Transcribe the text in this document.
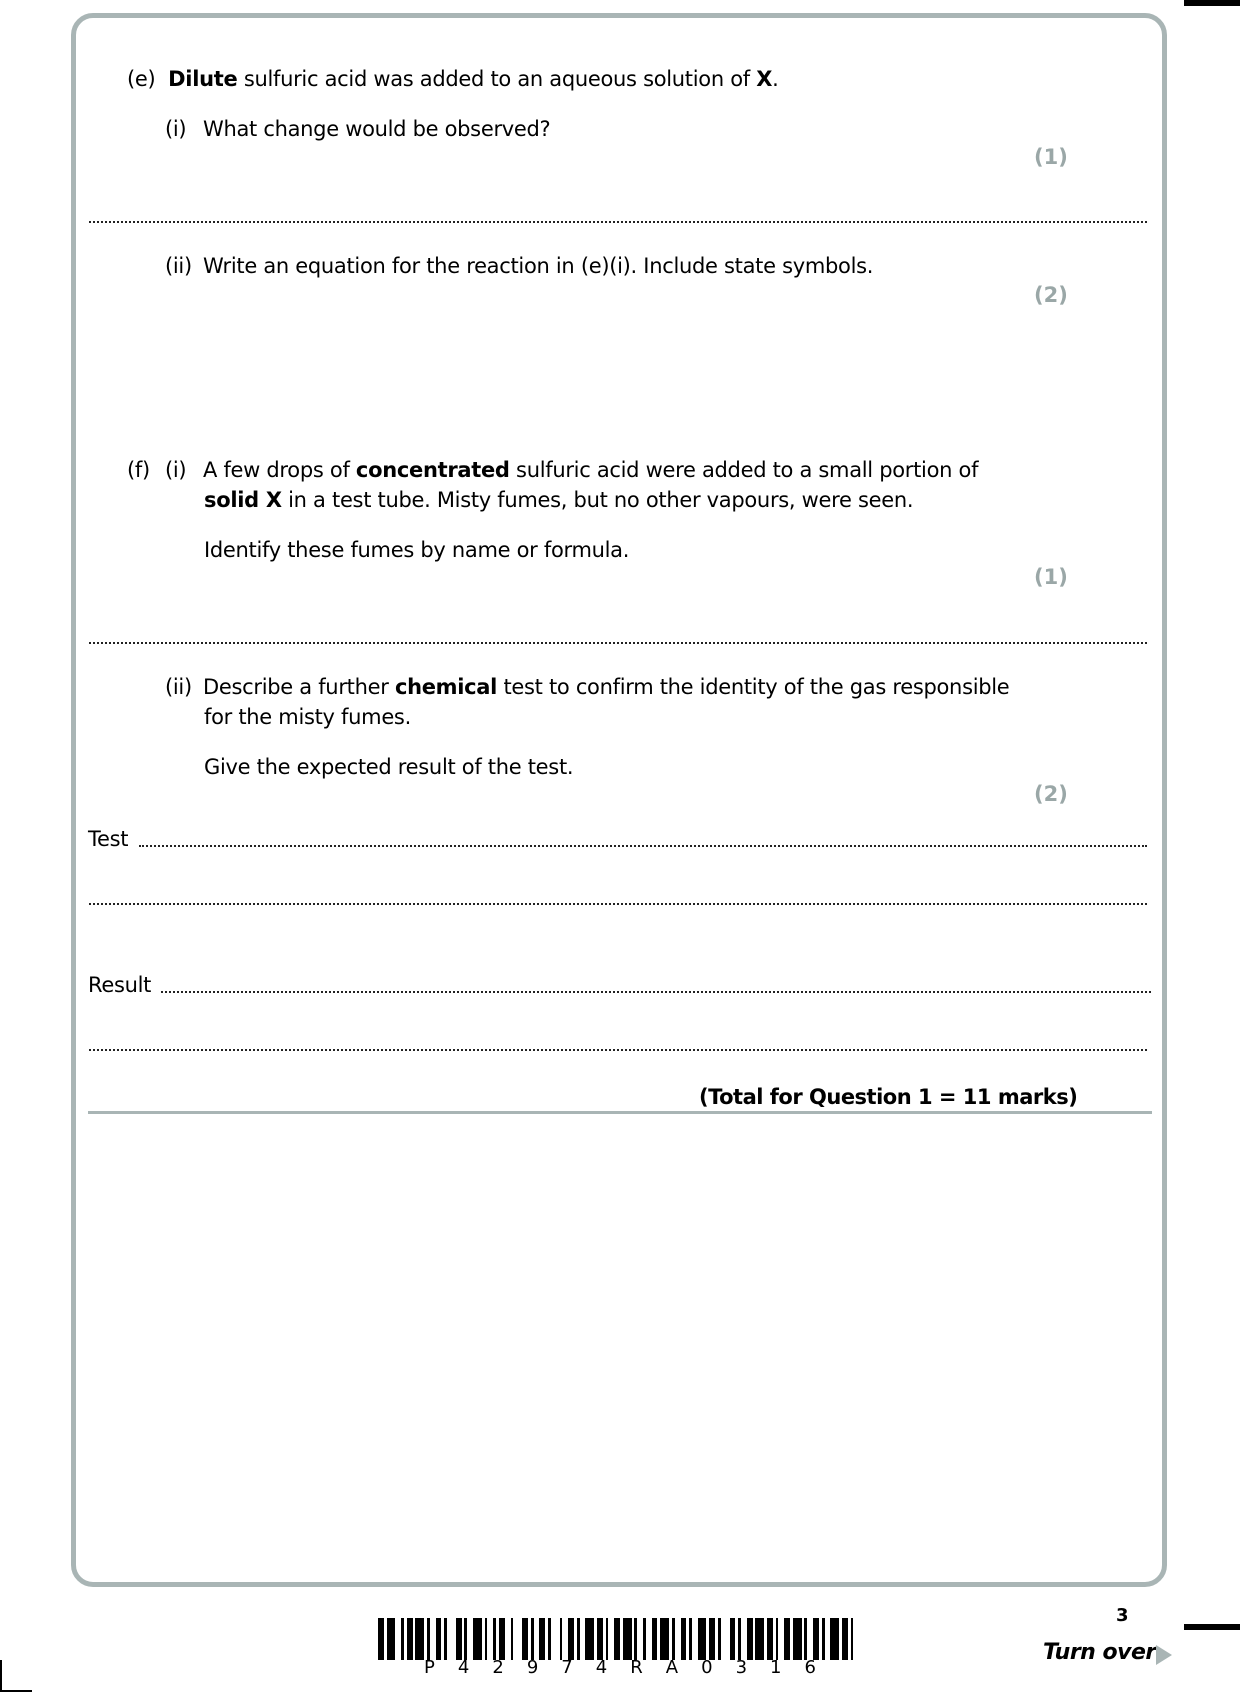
(e) Dilute sulfuric acid was added to an aqueous solution of X.
(i) What change would be observed?
(1)
(ii) Write an equation for the reaction in (e)(i). Include state symbols.
(2)
(f) (i) A few drops of concentrated sulfuric acid were added to a small portion of
solid X in a test tube. Misty fumes, but no other vapours, were seen.
Identify these fumes by name or formula.
(1)
(ii) Describe a further chemical test to confirm the identity of the gas responsible
for the misty fumes.
Give the expected result of the test.
(2)
Test
Result
(Total for Question 1 = 11 marks)
P 4 2 9 7 4 R A 0 3 1 6
3
Turn over
